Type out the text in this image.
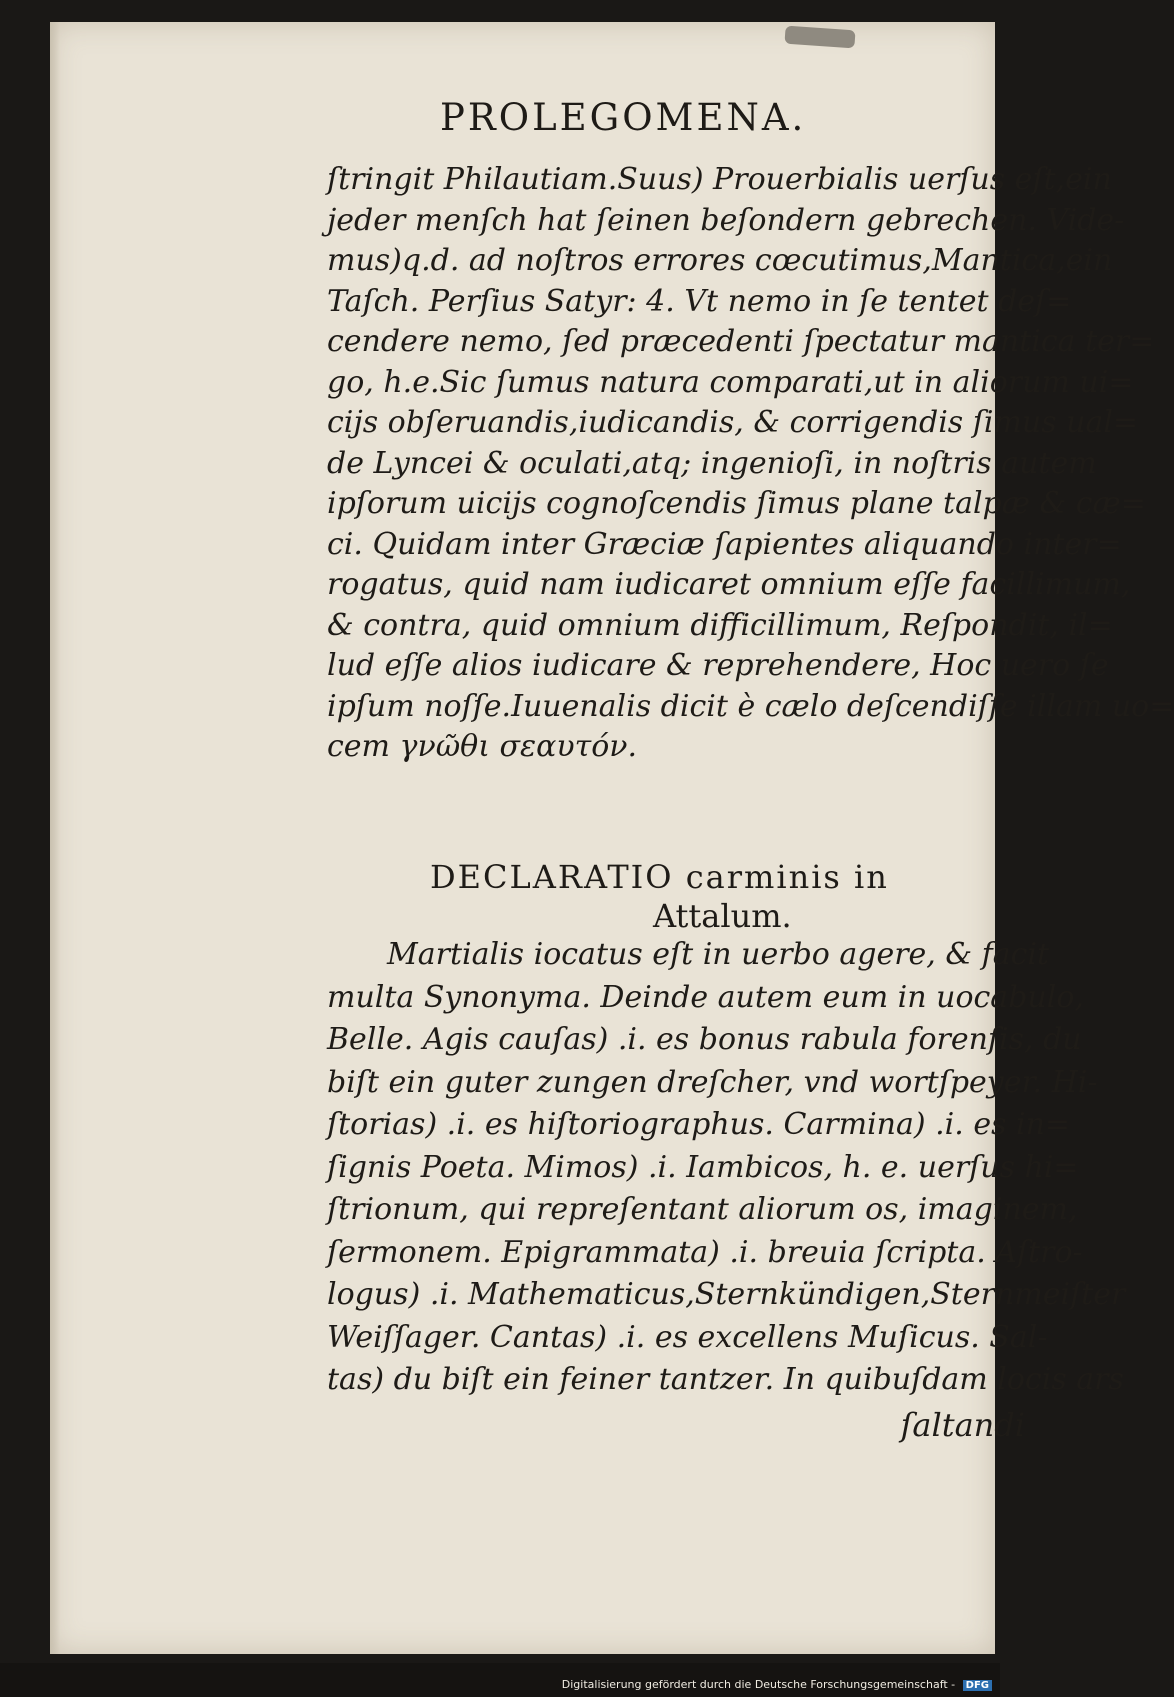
PROLEGOMENA.
ſtringit Philautiam.Suus) Prouerbialis uerſus eſt,ein
jeder menſch hat ſeinen beſondern gebrechen. Vide-
mus)q.d. ad noſtros errores cœcutimus,Mantica,ein
Taſch. Perſius Satyr: 4. Vt nemo in ſe tentet deſ=
cendere nemo, ſed præcedenti ſpectatur mantica ter=
go, h.e.Sic ſumus natura comparati,ut in aliorum ui=
cijs obſeruandis,iudicandis, & corrigendis ſimus ual=
de Lyncei & oculati,atq; ingenioſi, in noſtris autem
ipſorum uicijs cognoſcendis ſimus plane talpæ & cæ=
ci. Quidam inter Græciæ ſapientes aliquando inter=
rogatus, quid nam iudicaret omnium eſſe facillimum,
& contra, quid omnium difficillimum, Reſpondit, il=
lud eſſe alios iudicare & reprehendere, Hoc uero ſe
ipſum noſſe.Iuuenalis dicit è cælo deſcendiſſe illam uo=
cem γνῶθι σεαυτόν.
DECLARATIO carminis in
Attalum.
Martialis iocatus eſt in uerbo agere, & facit
multa Synonyma. Deinde autem eum in uocabulo,
Belle. Agis cauſas) .i. es bonus rabula forenſis, du
biſt ein guter zungen dreſcher, vnd wortſpeyer. Hi-
ſtorias) .i. es hiſtoriographus. Carmina) .i. es in=
ſignis Poeta. Mimos) .i. Iambicos, h. e. uerſus hi=
ſtrionum, qui repreſentant aliorum os, imaginem,
ſermonem. Epigrammata) .i. breuia ſcripta. Aſtro-
logus) .i. Mathematicus,Sternkündigen,Sternmeiſter
Weiſſager. Cantas) .i. es excellens Muſicus. Sal-
tas) du biſt ein feiner tantzer. In quibuſdam locis ars
ſaltandi
Digitalisierung gefördert durch die Deutsche Forschungsgemeinschaft - DFG
